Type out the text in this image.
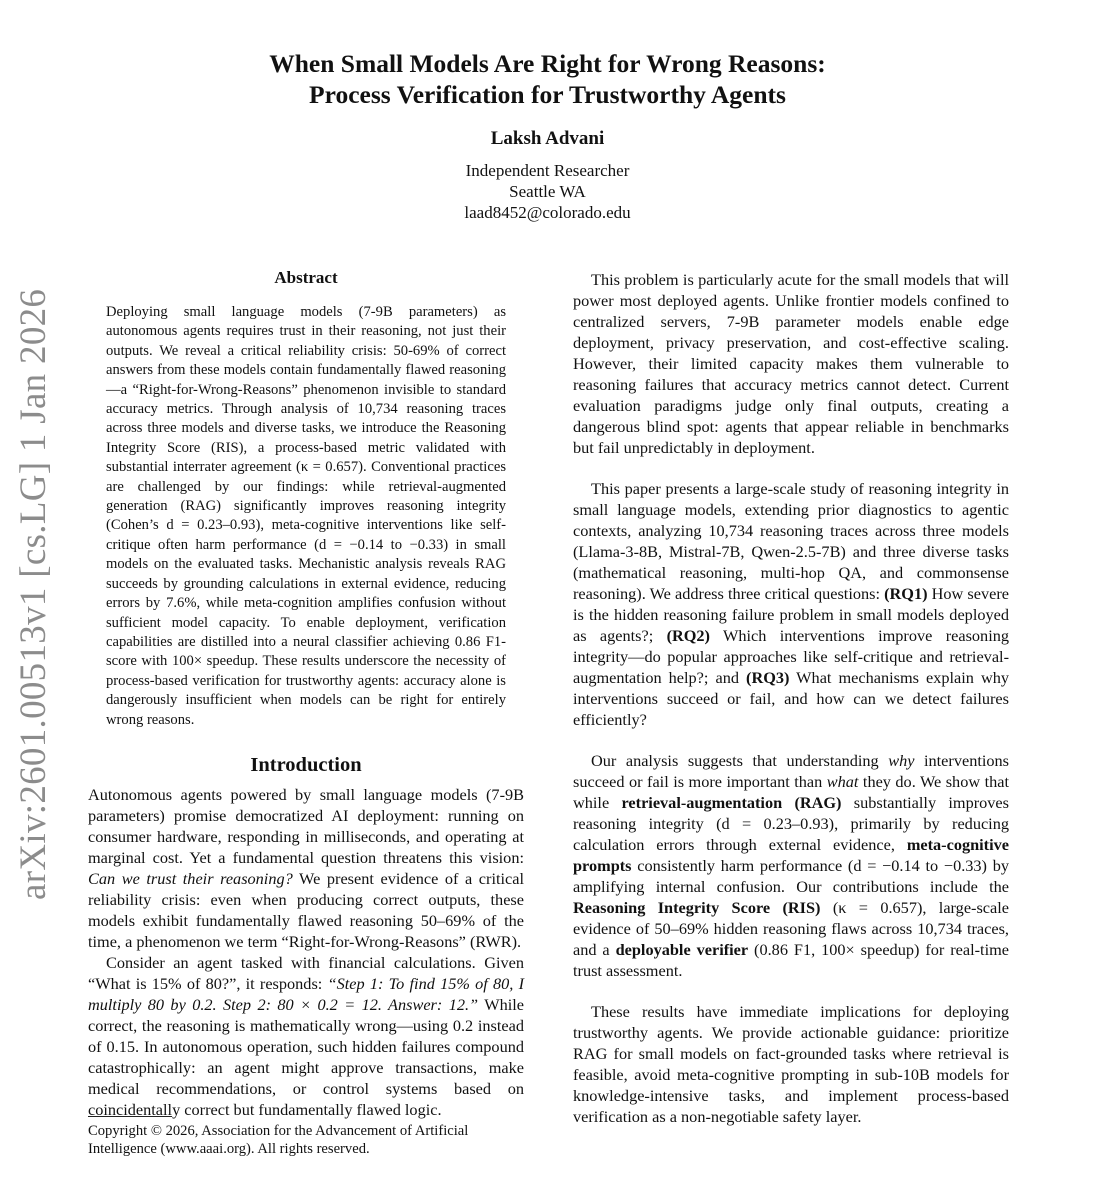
arXiv:2601.00513v1 [cs.LG] 1 Jan 2026
When Small Models Are Right for Wrong Reasons:
Process Verification for Trustworthy Agents
Laksh Advani
Independent Researcher
Seattle WA
laad8452@colorado.edu
Abstract
Deploying small language models (7-9B parameters) as autonomous agents requires trust in their reasoning, not just their outputs. We reveal a critical reliability crisis: 50-69% of correct answers from these models contain fundamentally flawed reasoning—a “Right-for-Wrong-Reasons” phenomenon invisible to standard accuracy metrics. Through analysis of 10,734 reasoning traces across three models and diverse tasks, we introduce the Reasoning Integrity Score (RIS), a process-based metric validated with substantial interrater agreement (κ = 0.657). Conventional practices are challenged by our findings: while retrieval-augmented generation (RAG) significantly improves reasoning integrity (Cohen’s d = 0.23–0.93), meta-cognitive interventions like self-critique often harm performance (d = −0.14 to −0.33) in small models on the evaluated tasks. Mechanistic analysis reveals RAG succeeds by grounding calculations in external evidence, reducing errors by 7.6%, while meta-cognition amplifies confusion without sufficient model capacity. To enable deployment, verification capabilities are distilled into a neural classifier achieving 0.86 F1-score with 100× speedup. These results underscore the necessity of process-based verification for trustworthy agents: accuracy alone is dangerously insufficient when models can be right for entirely wrong reasons.
Introduction

Autonomous agents powered by small language models (7-9B parameters) promise democratized AI deployment: running on consumer hardware, responding in milliseconds, and operating at marginal cost. Yet a fundamental question threatens this vision: Can we trust their reasoning? We present evidence of a critical reliability crisis: even when producing correct outputs, these models exhibit fundamentally flawed reasoning 50–69% of the time, a phenomenon we term “Right-for-Wrong-Reasons” (RWR).

Consider an agent tasked with financial calculations. Given “What is 15% of 80?”, it responds: “Step 1: To find 15% of 80, I multiply 80 by 0.2. Step 2: 80 × 0.2 = 12. Answer: 12.” While correct, the reasoning is mathematically wrong—using 0.2 instead of 0.15. In autonomous operation, such hidden failures compound catastrophically: an agent might approve transactions, make medical recommendations, or control systems based on coincidentally correct but fundamentally flawed logic.

This problem is particularly acute for the small models that will power most deployed agents. Unlike frontier models confined to centralized servers, 7-9B parameter models enable edge deployment, privacy preservation, and cost-effective scaling. However, their limited capacity makes them vulnerable to reasoning failures that accuracy metrics cannot detect. Current evaluation paradigms judge only final outputs, creating a dangerous blind spot: agents that appear reliable in benchmarks but fail unpredictably in deployment.

This paper presents a large-scale study of reasoning integrity in small language models, extending prior diagnostics to agentic contexts, analyzing 10,734 reasoning traces across three models (Llama-3-8B, Mistral-7B, Qwen-2.5-7B) and three diverse tasks (mathematical reasoning, multi-hop QA, and commonsense reasoning). We address three critical questions: (RQ1) How severe is the hidden reasoning failure problem in small models deployed as agents?; (RQ2) Which interventions improve reasoning integrity—do popular approaches like self-critique and retrieval-augmentation help?; and (RQ3) What mechanisms explain why interventions succeed or fail, and how can we detect failures efficiently?

Our analysis suggests that understanding why interventions succeed or fail is more important than what they do. We show that while retrieval-augmentation (RAG) substantially improves reasoning integrity (d = 0.23–0.93), primarily by reducing calculation errors through external evidence, meta-cognitive prompts consistently harm performance (d = −0.14 to −0.33) by amplifying internal confusion. Our contributions include the Reasoning Integrity Score (RIS) (κ = 0.657), large-scale evidence of 50–69% hidden reasoning flaws across 10,734 traces, and a deployable verifier (0.86 F1, 100× speedup) for real-time trust assessment.

These results have immediate implications for deploying trustworthy agents. We provide actionable guidance: prioritize RAG for small models on fact-grounded tasks where retrieval is feasible, avoid meta-cognitive prompting in sub-10B models for knowledge-intensive tasks, and implement process-based verification as a non-negotiable safety layer.

Copyright © 2026, Association for the Advancement of Artificial Intelligence (www.aaai.org). All rights reserved.
